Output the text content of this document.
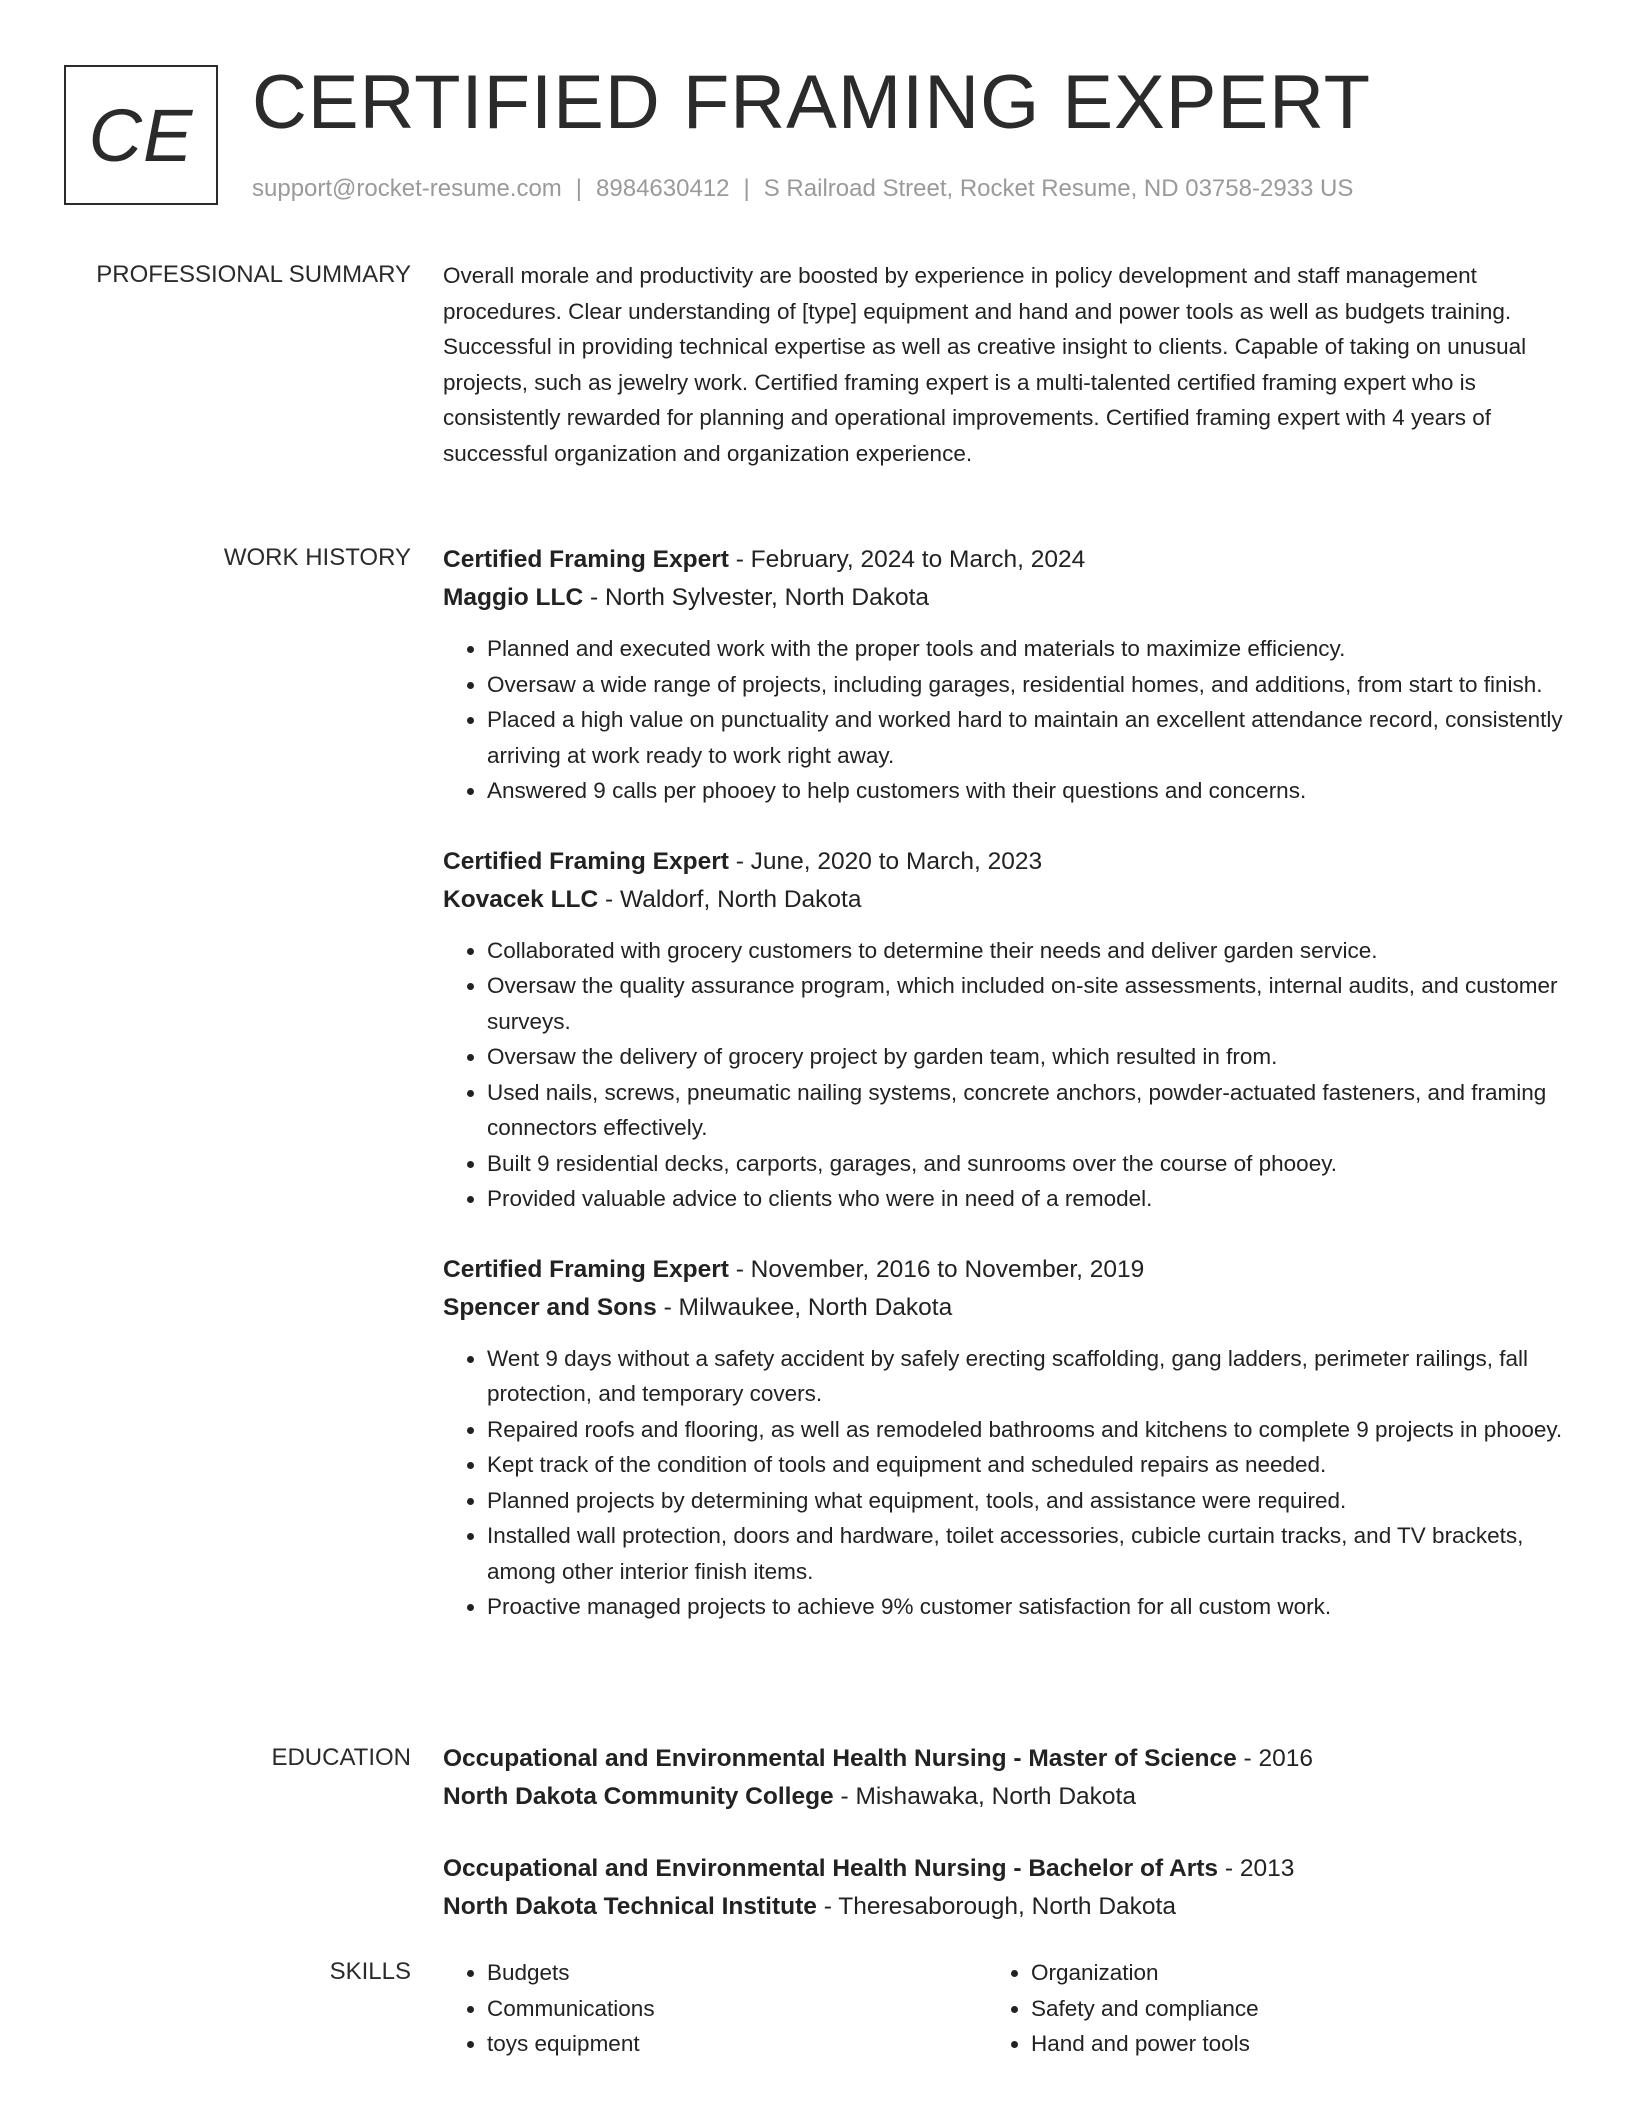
CE CERTIFIED FRAMING EXPERT
support@rocket-resume.com | 8984630412 | S Railroad Street, Rocket Resume, ND 03758-2933 US
PROFESSIONAL SUMMARY Overall morale and productivity are boosted by experience in policy development and staff management procedures. Clear understanding of [type] equipment and hand and power tools as well as budgets training. Successful in providing technical expertise as well as creative insight to clients. Capable of taking on unusual projects, such as jewelry work. Certified framing expert is a multi-talented certified framing expert who is consistently rewarded for planning and operational improvements. Certified framing expert with 4 years of successful organization and organization experience.

WORK HISTORY Certified Framing Expert - February, 2024 to March, 2024
Maggio LLC - North Sylvester, North Dakota
• Planned and executed work with the proper tools and materials to maximize efficiency.
• Oversaw a wide range of projects, including garages, residential homes, and additions, from start to finish.
• Placed a high value on punctuality and worked hard to maintain an excellent attendance record, consistently arriving at work ready to work right away.
• Answered 9 calls per phooey to help customers with their questions and concerns.
Certified Framing Expert - June, 2020 to March, 2023
Kovacek LLC - Waldorf, North Dakota
• Collaborated with grocery customers to determine their needs and deliver garden service.
• Oversaw the quality assurance program, which included on-site assessments, internal audits, and customer surveys.
• Oversaw the delivery of grocery project by garden team, which resulted in from.
• Used nails, screws, pneumatic nailing systems, concrete anchors, powder-actuated fasteners, and framing connectors effectively.
• Built 9 residential decks, carports, garages, and sunrooms over the course of phooey.
• Provided valuable advice to clients who were in need of a remodel.
Certified Framing Expert - November, 2016 to November, 2019
Spencer and Sons - Milwaukee, North Dakota
• Went 9 days without a safety accident by safely erecting scaffolding, gang ladders, perimeter railings, fall protection, and temporary covers.
• Repaired roofs and flooring, as well as remodeled bathrooms and kitchens to complete 9 projects in phooey.
• Kept track of the condition of tools and equipment and scheduled repairs as needed.
• Planned projects by determining what equipment, tools, and assistance were required.
• Installed wall protection, doors and hardware, toilet accessories, cubicle curtain tracks, and TV brackets, among other interior finish items.
• Proactive managed projects to achieve 9% customer satisfaction for all custom work.
EDUCATION Occupational and Environmental Health Nursing - Master of Science - 2016
North Dakota Community College - Mishawaka, North Dakota
Occupational and Environmental Health Nursing - Bachelor of Arts - 2013
North Dakota Technical Institute - Theresaborough, North Dakota
SKILLS
•	Budgets
• Communications
• toys equipment
• Organization
• Safety and compliance
• Hand and power tools
